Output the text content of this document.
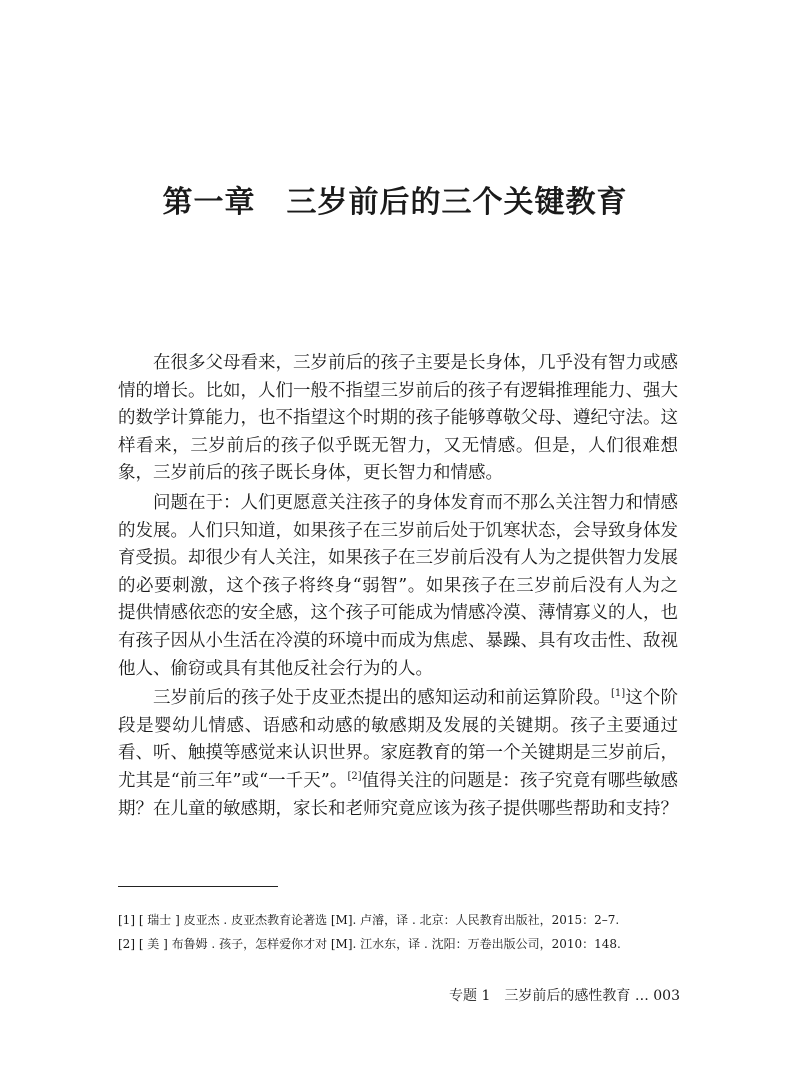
第一章　三岁前后的三个关键教育

在很多父母看来，三岁前后的孩子主要是长身体，几乎没有智力或感情的增长。比如，人们一般不指望三岁前后的孩子有逻辑推理能力、强大的数学计算能力，也不指望这个时期的孩子能够尊敬父母、遵纪守法。这样看来，三岁前后的孩子似乎既无智力，又无情感。但是，人们很难想象，三岁前后的孩子既长身体，更长智力和情感。

问题在于：人们更愿意关注孩子的身体发育而不那么关注智力和情感的发展。人们只知道，如果孩子在三岁前后处于饥寒状态，会导致身体发育受损。却很少有人关注，如果孩子在三岁前后没有人为之提供智力发展的必要刺激，这个孩子将终身“弱智”。如果孩子在三岁前后没有人为之提供情感依恋的安全感，这个孩子可能成为情感冷漠、薄情寡义的人，也有孩子因从小生活在冷漠的环境中而成为焦虑、暴躁、具有攻击性、敌视他人、偷窃或具有其他反社会行为的人。

三岁前后的孩子处于皮亚杰提出的感知运动和前运算阶段。[1]这个阶段是婴幼儿情感、语感和动感的敏感期及发展的关键期。孩子主要通过看、听、触摸等感觉来认识世界。家庭教育的第一个关键期是三岁前后，尤其是“前三年”或“一千天”。[2]值得关注的问题是：孩子究竟有哪些敏感期？在儿童的敏感期，家长和老师究竟应该为孩子提供哪些帮助和支持？

[1] [ 瑞士 ] 皮亚杰 . 皮亚杰教育论著选 [M]. 卢濬，译 . 北京：人民教育出版社，2015：2–7.
[2] [ 美 ] 布鲁姆 . 孩子，怎样爱你才对 [M]. 江水东，译 . 沈阳：万卷出版公司，2010：148.
专题 1　三岁前后的感性教育 … 003
